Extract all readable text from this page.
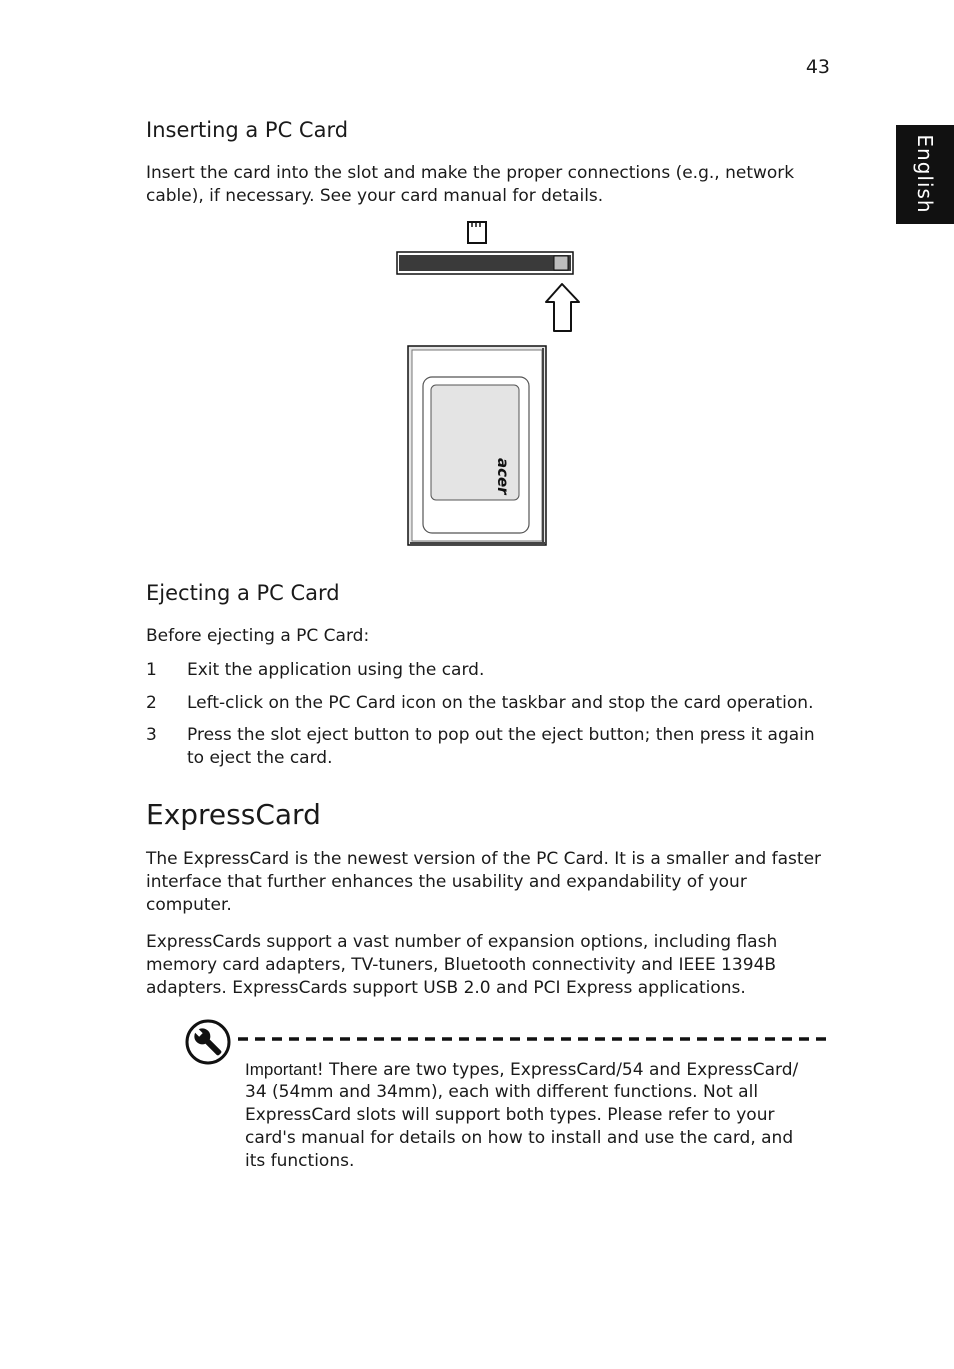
43
English
Inserting a PC Card

Insert the card into the slot and make the proper connections (e.g., network

cable), if necessary. See your card manual for details.

acer
Ejecting a PC Card

Before ejecting a PC Card:

1 Exit the application using the card.
2 Left-click on the PC Card icon on the taskbar and stop the card operation.
3 Press the slot eject button to pop out the eject button; then press it again
to eject the card.
ExpressCard

The ExpressCard is the newest version of the PC Card. It is a smaller and faster

interface that further enhances the usability and expandability of your

computer.

ExpressCards support a vast number of expansion options, including flash

memory card adapters, TV-tuners, Bluetooth connectivity and IEEE 1394B

adapters. ExpressCards support USB 2.0 and PCI Express applications.

Important! There are two types, ExpressCard/54 and ExpressCard/
34 (54mm and 34mm), each with different functions. Not all
ExpressCard slots will support both types. Please refer to your
card's manual for details on how to install and use the card, and
its functions.
